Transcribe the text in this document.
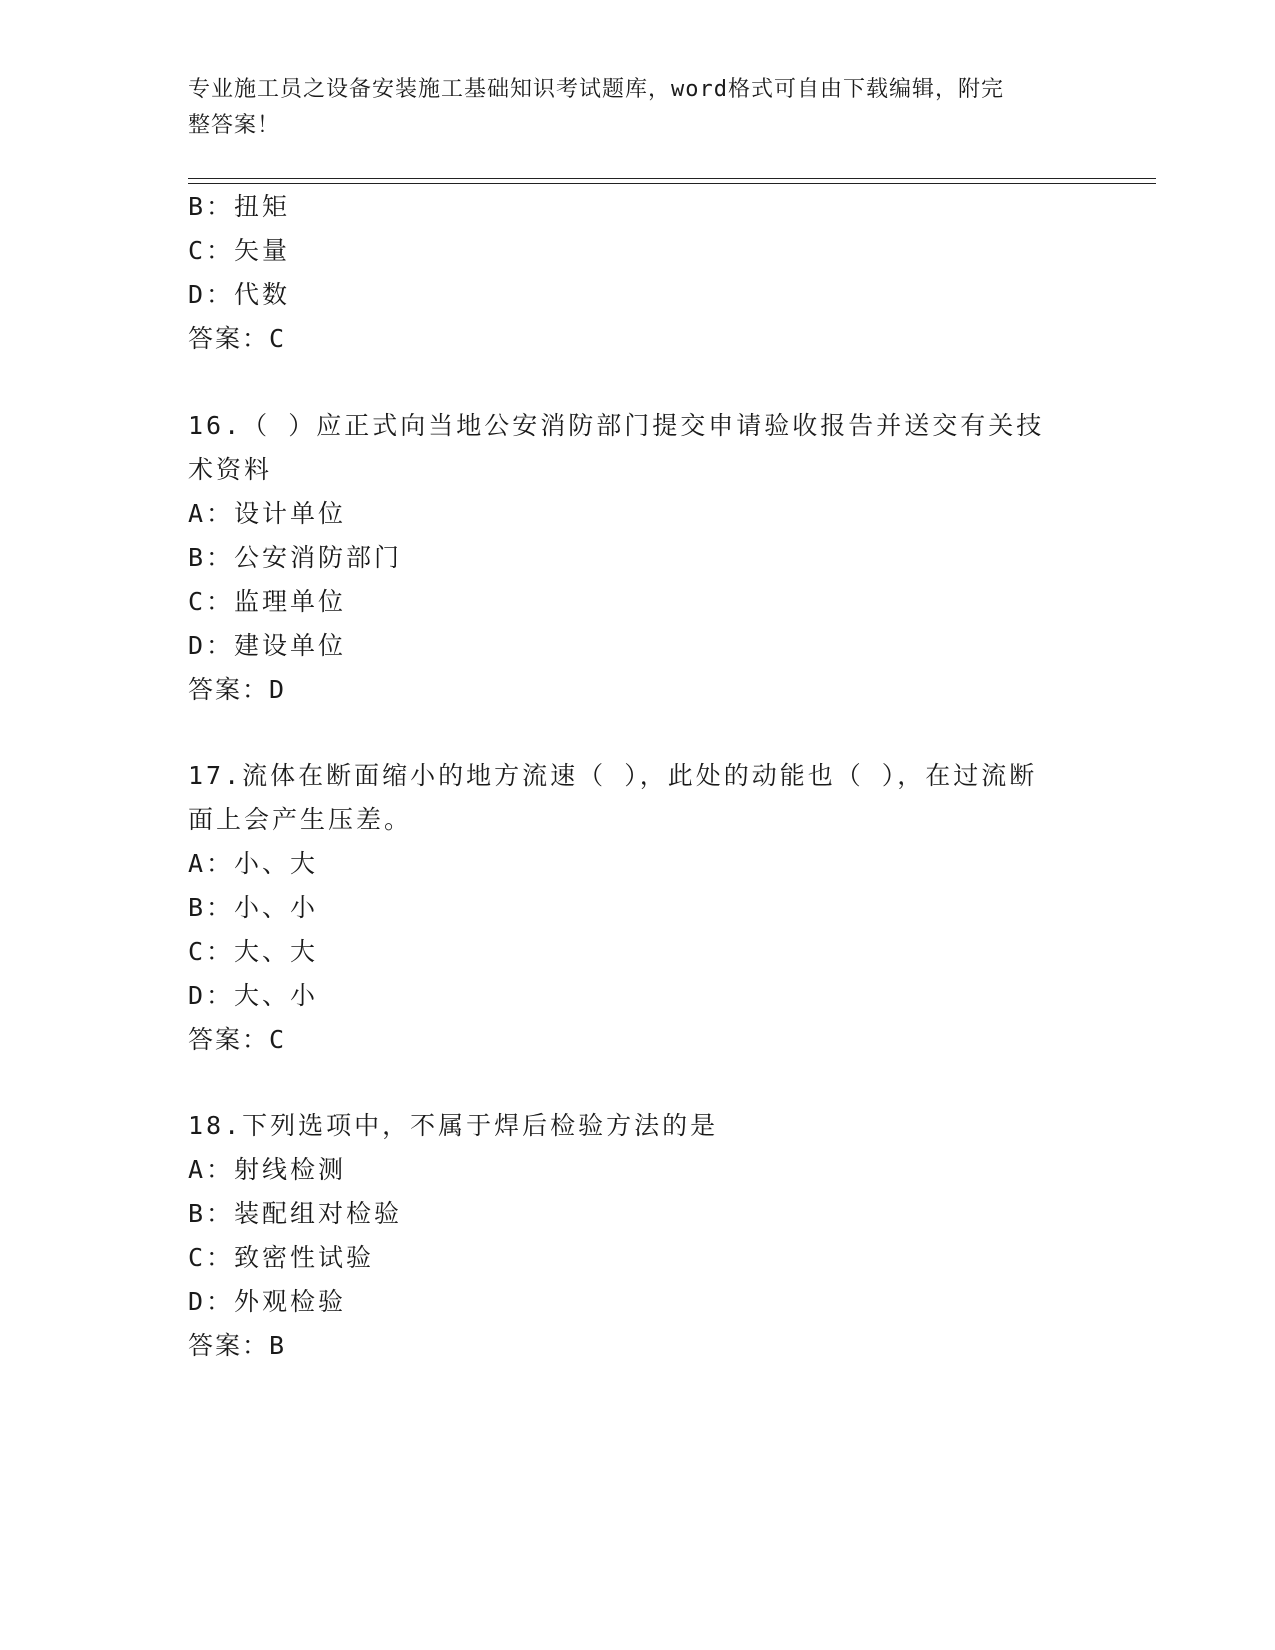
专业施工员之设备安装施工基础知识考试题库，word格式可自由下载编辑，附完
整答案！
B：扭矩
C：矢量
D：代数
答案：C
16.（ ）应正式向当地公安消防部门提交申请验收报告并送交有关技
术资料
A：设计单位
B：公安消防部门
C：监理单位
D：建设单位
答案：D
17.流体在断面缩小的地方流速（ ），此处的动能也（ ），在过流断
面上会产生压差。
A：小、大
B：小、小
C：大、大
D：大、小
答案：C
18.下列选项中，不属于焊后检验方法的是
A：射线检测
B：装配组对检验
C：致密性试验
D：外观检验
答案：B
